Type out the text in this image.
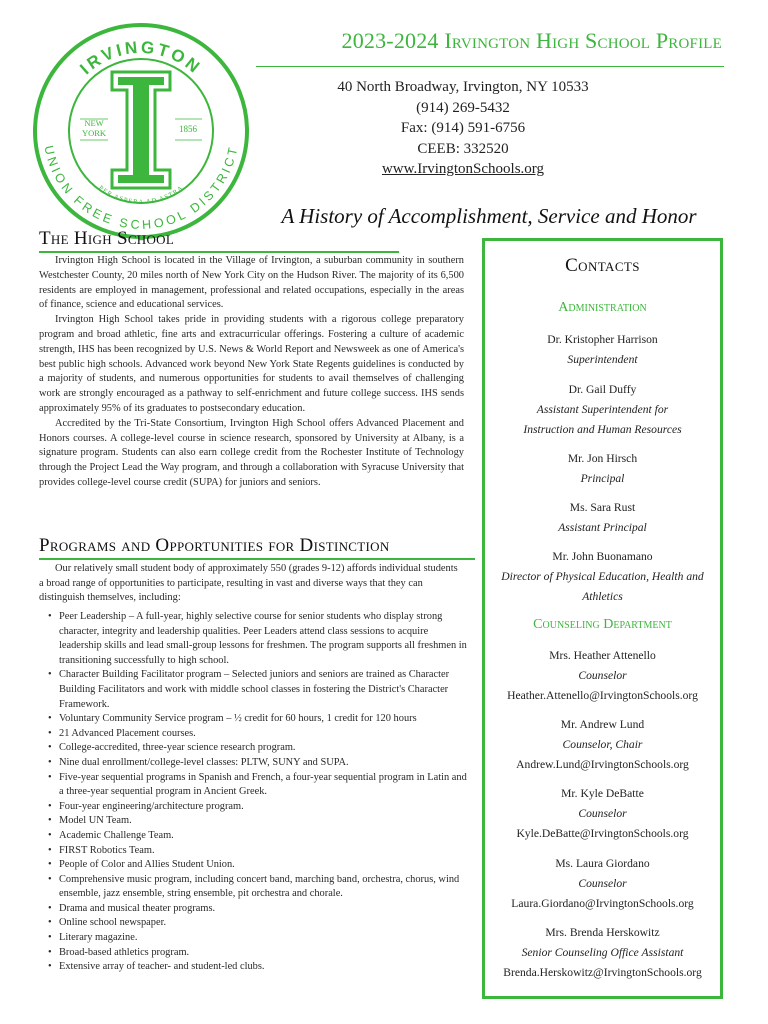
IRVINGTON
UNION FREE SCHOOL DISTRICT
NEW
YORK	1856
PER ASPERA AD ASTRA
2023-2024 Irvington High School Profile
40 North Broadway, Irvington, NY 10533
(914) 269-5432
Fax: (914) 591-6756
CEEB: 332520
www.IrvingtonSchools.org
A History of Accomplishment, Service and Honor
The High School

Irvington High School is located in the Village of Irvington, a suburban community in southern Westchester County, 20 miles north of New York City on the Hudson River. The majority of its 6,500 residents are employed in management, professional and related occupations, especially in the areas of finance, science and educational services.

Irvington High School takes pride in providing students with a rigorous college preparatory program and broad athletic, fine arts and extracurricular offerings. Fostering a culture of academic strength, IHS has been recognized by U.S. News & World Report and Newsweek as one of America's best public high schools. Advanced work beyond New York State Regents guidelines is conducted by a majority of students, and numerous opportunities for students to avail themselves of challenging work are strongly encouraged as a pathway to self-enrichment and future college success. IHS sends approximately 95% of its graduates to postsecondary education.

Accredited by the Tri-State Consortium, Irvington High School offers Advanced Placement and Honors courses. A college-level course in science research, sponsored by University at Albany, is a signature program. Students can also earn college credit from the Rochester Institute of Technology through the Project Lead the Way program, and through a collaboration with Syracuse University that provides college-level course credit (SUPA) for juniors and seniors.

Programs and Opportunities for Distinction

Our relatively small student body of approximately 550 (grades 9-12) affords individual students a broad range of opportunities to participate, resulting in vast and diverse ways that they can distinguish themselves, including:

• Peer Leadership – A full-year, highly selective course for senior students who display strong character, integrity and leadership qualities. Peer Leaders attend class sessions to acquire leadership skills and lead small-group lessons for freshmen. The program supports all freshmen in transitioning successfully to high school.
• Character Building Facilitator program – Selected juniors and seniors are trained as Character Building Facilitators and work with middle school classes in fostering the District's Character Framework.
• Voluntary Community Service program – ½ credit for 60 hours, 1 credit for 120 hours
• 21 Advanced Placement courses.
• College-accredited, three-year science research program.
• Nine dual enrollment/college-level classes: PLTW, SUNY and SUPA.
• Five-year sequential programs in Spanish and French, a four-year sequential program in Latin and a three-year sequential program in Ancient Greek.
• Four-year engineering/architecture program.
• Model UN Team.
• Academic Challenge Team.
• FIRST Robotics Team.
• People of Color and Allies Student Union.
• Comprehensive music program, including concert band, marching band, orchestra, chorus, wind ensemble, jazz ensemble, string ensemble, pit orchestra and chorale.
• Drama and musical theater programs.
• Online school newspaper.
• Literary magazine.
• Broad-based athletics program.
• Extensive array of teacher- and student-led clubs.
Contacts
Administration
Dr. Kristopher Harrison
Superintendent
Dr. Gail Duffy
Assistant Superintendent for
Instruction and Human Resources
Mr. Jon Hirsch
Principal
Ms. Sara Rust
Assistant Principal
Mr. John Buonamano
Director of Physical Education, Health and
Athletics
Counseling Department
Mrs. Heather Attenello
Counselor
Heather.Attenello@IrvingtonSchools.org
Mr. Andrew Lund
Counselor, Chair
Andrew.Lund@IrvingtonSchools.org
Mr. Kyle DeBatte
Counselor
Kyle.DeBatte@IrvingtonSchools.org
Ms. Laura Giordano
Counselor
Laura.Giordano@IrvingtonSchools.org
Mrs. Brenda Herskowitz
Senior Counseling Office Assistant
Brenda.Herskowitz@IrvingtonSchools.org
